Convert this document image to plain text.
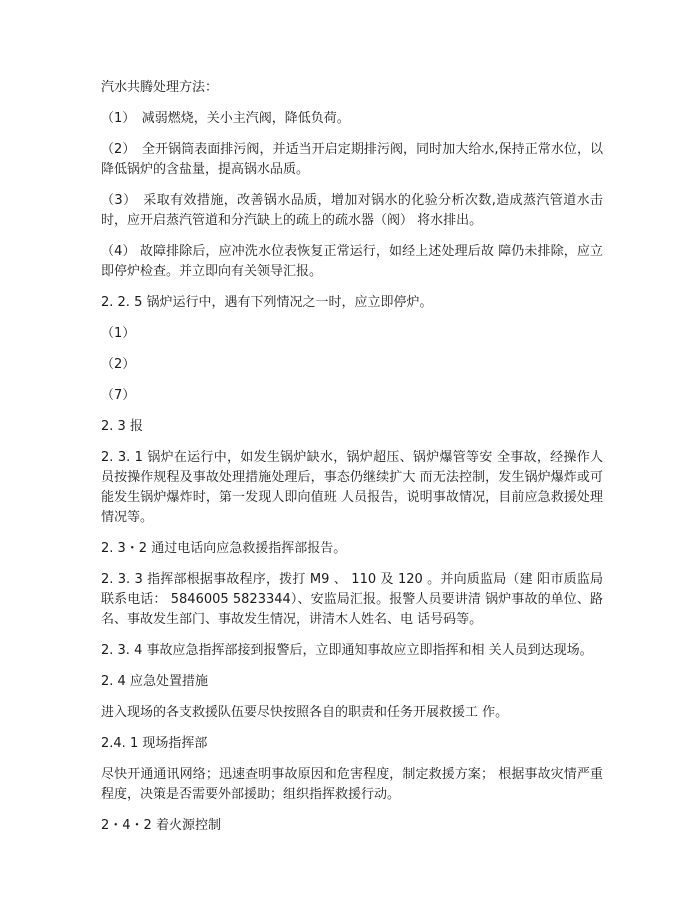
汽水共腾处理方法：

（1）　减弱燃烧，关小主汽阀，降低负荷。

（2）　全开锅筒表面排污阀，并适当开启定期排污阀，同时加大给水,保持正常水位，以降低锅炉的含盐量，提高锅水品质。

（3）　采取有效措施，改善锅水品质，增加对锅水的化验分析次数,造成蒸汽管道水击时，应开启蒸汽管道和分汽缺上的疏上的疏水器（阀） 将水排出。

（4） 故障排除后，应冲洗水位表恢复正常运行，如经上述处理后故 障仍未排除，应立即停炉检查。并立即向有关领导汇报。

2. 2. 5 锅炉运行中，遇有下列情况之一时，应立即停炉。

（1）

（2）

（7）

2. 3 报

2. 3. 1 锅炉在运行中，如发生锅炉缺水，锅炉超压、锅炉爆管等安 全事故，经操作人员按操作规程及事故处理措施处理后，事态仍继续扩大 而无法控制，发生锅炉爆炸或可能发生锅炉爆炸时，第一发现人即向值班 人员报告，说明事故情况，目前应急救援处理情况等。

2. 3・2 通过电话向应急救援指挥部报告。

2. 3. 3 指挥部根据事故程序，拨打 M9 、 110 及 120 。并向质监局（建 阳市质监局联系电话： 5846005 5823344）、安监局汇报。报警人员要讲清 锅炉事故的单位、路名、事故发生部门、事故发生情况，讲清木人姓名、电 话号码等。

2. 3. 4 事故应急指挥部接到报警后，立即通知事故应立即指挥和相 关人员到达现场。

2. 4 应急处置措施

进入现场的各支救援队伍要尽快按照各自的职责和任务开展救援工 作。

2.4. 1 现场指挥部

尽快开通通讯网络；迅速查明事故原因和危害程度，制定救援方案； 根据事故灾情严重程度，决策是否需要外部援助；组织指挥救援行动。

2・4・2 着火源控制
